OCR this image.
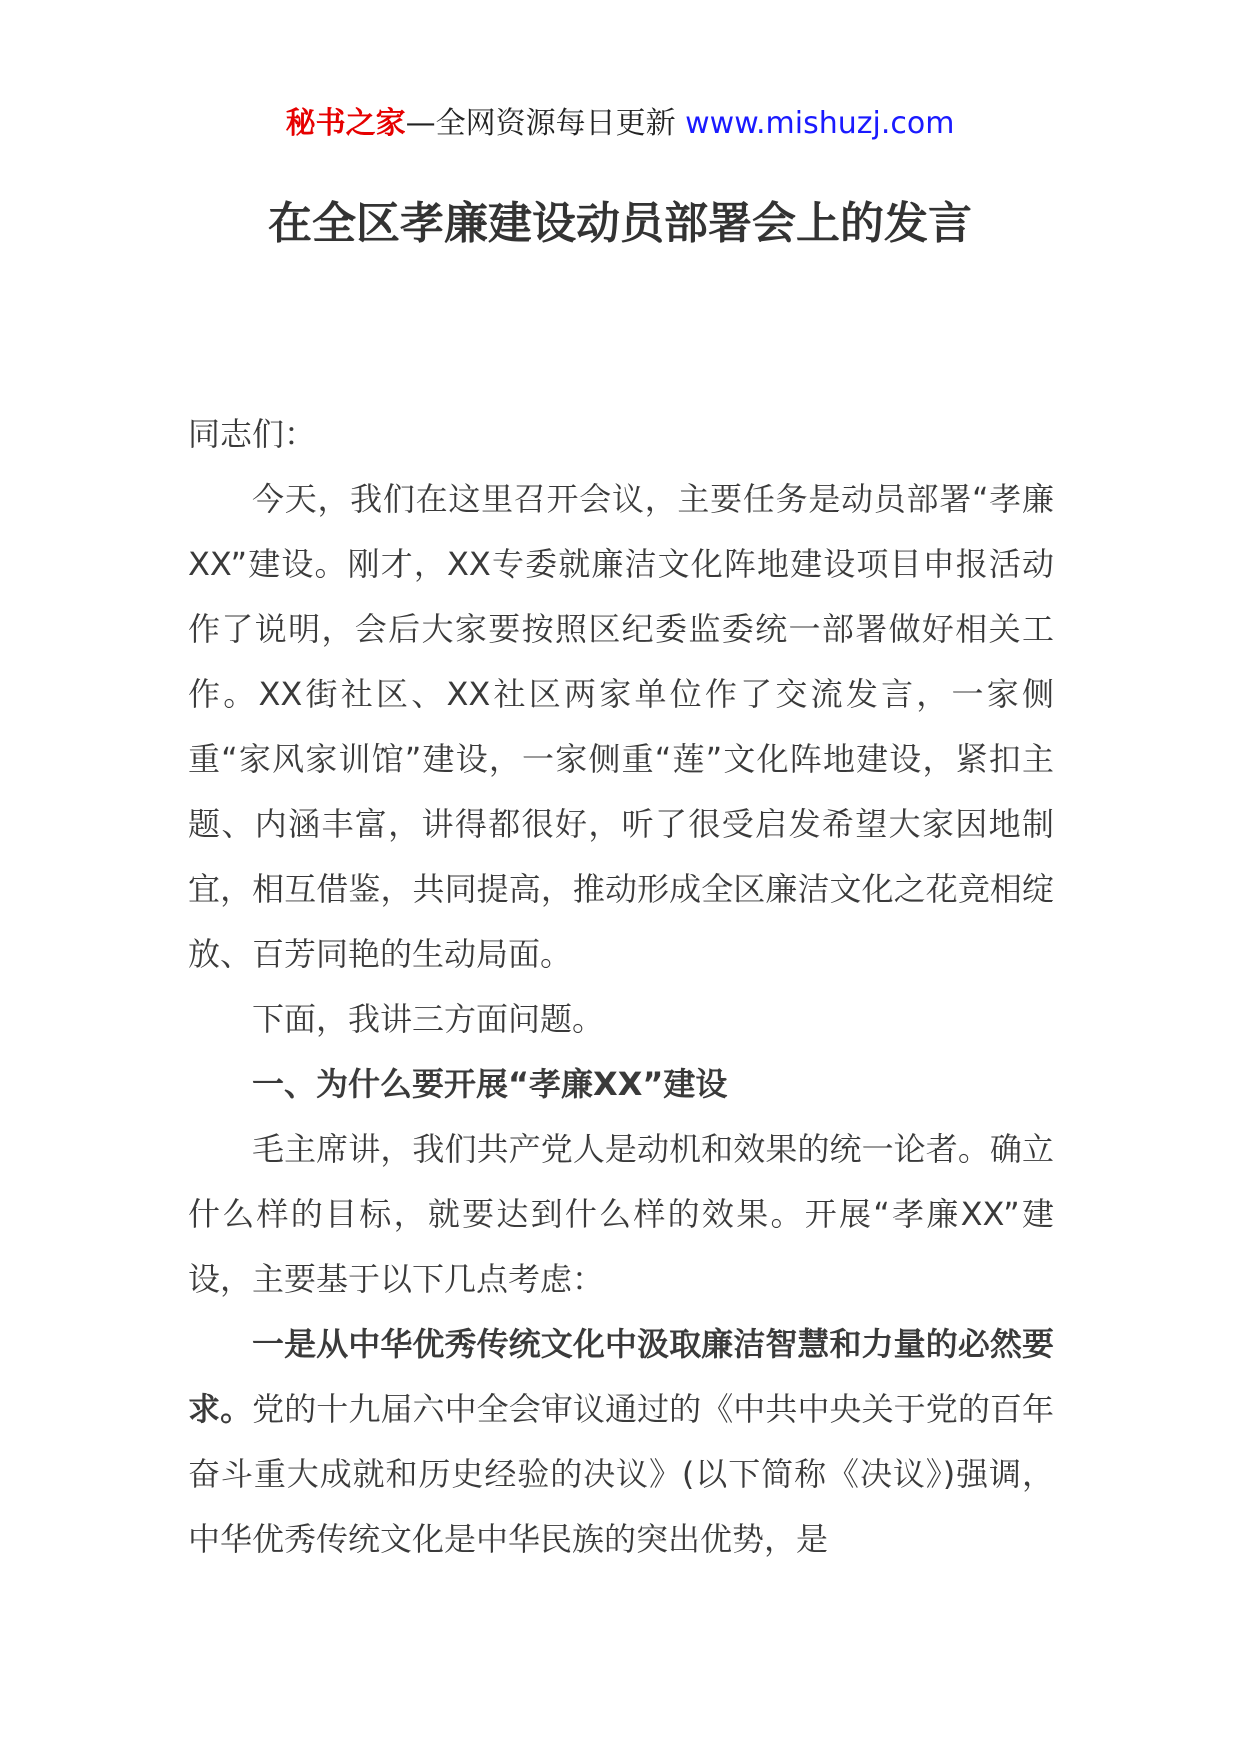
秘书之家—全网资源每日更新 www.mishuzj.com
在全区孝廉建设动员部署会上的发言

同志们：

今天，我们在这里召开会议，主要任务是动员部署“孝廉XX”建设。刚才，XX专委就廉洁文化阵地建设项目申报活动作了说明，会后大家要按照区纪委监委统一部署做好相关工作。XX街社区、XX社区两家单位作了交流发言，一家侧重“家风家训馆”建设，一家侧重“莲”文化阵地建设，紧扣主题、内涵丰富，讲得都很好，听了很受启发希望大家因地制宜，相互借鉴，共同提高，推动形成全区廉洁文化之花竞相绽放、百芳同艳的生动局面。

下面，我讲三方面问题。

一、为什么要开展“孝廉XX”建设

毛主席讲，我们共产党人是动机和效果的统一论者。确立什么样的目标，就要达到什么样的效果。开展“孝廉XX”建设，主要基于以下几点考虑：

一是从中华优秀传统文化中汲取廉洁智慧和力量的必然要求。党的十九届六中全会审议通过的《中共中央关于党的百年奋斗重大成就和历史经验的决议》(以下简称《决议》)强调，中华优秀传统文化是中华民族的突出优势，是
